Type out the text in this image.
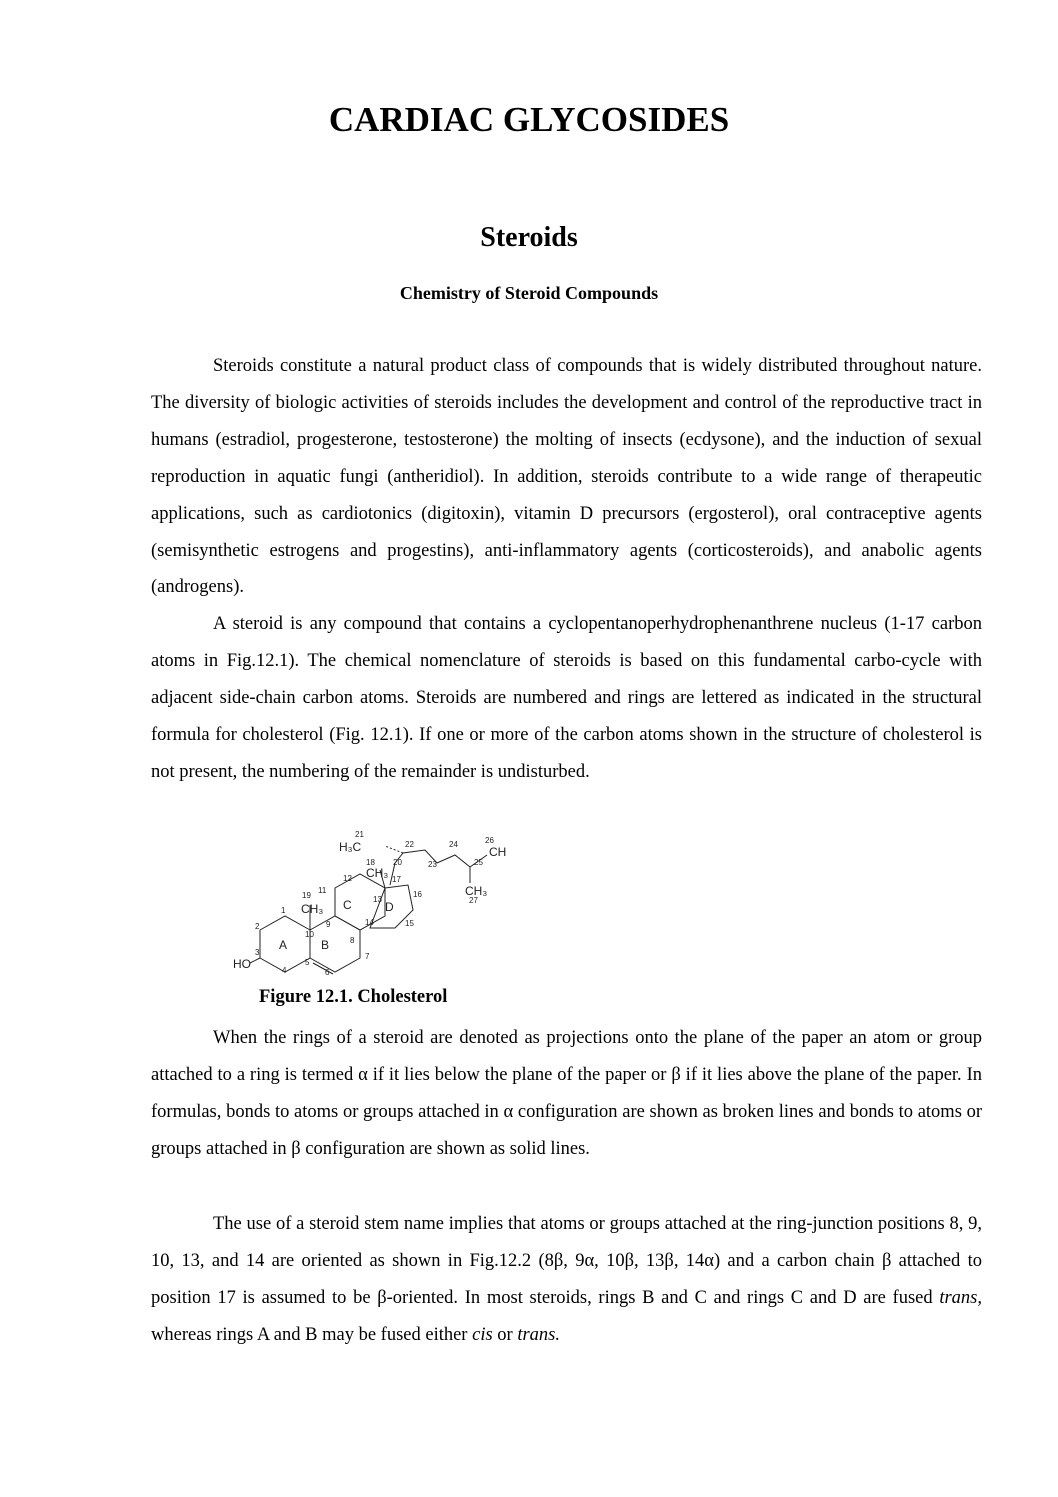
CARDIAC GLYCOSIDES
Steroids
Chemistry of Steroid Compounds

Steroids constitute a natural product class of compounds that is widely distributed throughout nature. The diversity of biologic activities of steroids includes the development and control of the reproductive tract in humans (estradiol, progesterone, testosterone) the molting of insects (ecdysone), and the induction of sexual reproduction in aquatic fungi (antheridiol). In addition, steroids contribute to a wide range of therapeutic applications, such as cardiotonics (digitoxin), vitamin D precursors (ergosterol), oral contraceptive agents (semisynthetic estrogens and progestins), anti-inflammatory agents (corticosteroids), and anabolic agents (androgens).

A steroid is any compound that contains a cyclopentanoperhydrophenanthrene nucleus (1-17 carbon atoms in Fig.12.1). The chemical nomenclature of steroids is based on this fundamental carbo-cycle with adjacent side-chain carbon atoms. Steroids are numbered and rings are lettered as indicated in the structural formula for cholesterol (Fig. 12.1). If one or more of the carbon atoms shown in the structure of cholesterol is not present, the numbering of the remainder is undisturbed.

A	B
C	D
HO
H₃C
CH₃
CH₃
CH
CH₃
1
2
3
4
5
6
7
8
9
10
11
12
13
14	15
16
17
18
19
20
21
22
23
24
25
26
27

Figure 12.1. Cholesterol

When the rings of a steroid are denoted as projections onto the plane of the paper an atom or group attached to a ring is termed α if it lies below the plane of the paper or β if it lies above the plane of the paper. In formulas, bonds to atoms or groups attached in α configuration are shown as broken lines and bonds to atoms or groups attached in β configuration are shown as solid lines.

The use of a steroid stem name implies that atoms or groups attached at the ring-junction positions 8, 9, 10, 13, and 14 are oriented as shown in Fig.12.2 (8β, 9α, 10β, 13β, 14α) and a carbon chain β attached to position 17 is assumed to be β-oriented. In most steroids, rings B and C and rings C and D are fused trans, whereas rings A and B may be fused either cis or trans.
